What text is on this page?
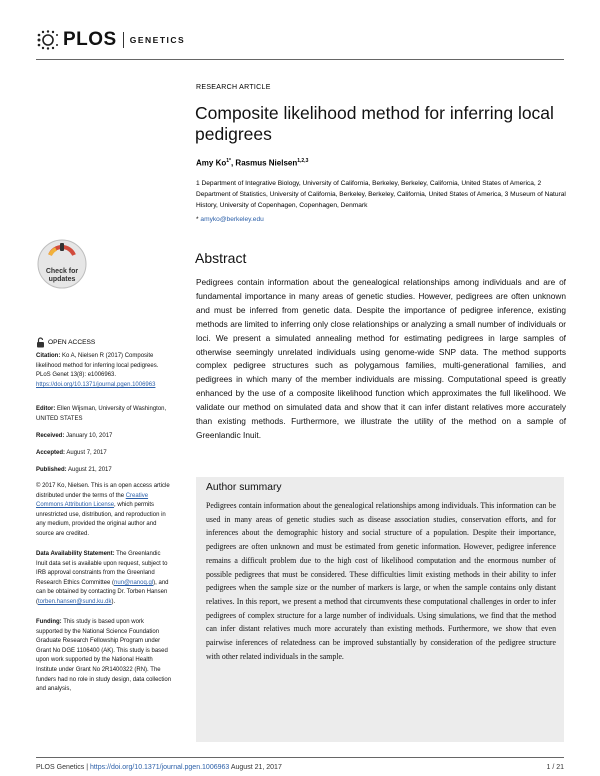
PLOS GENETICS
Check for
updates
OPEN ACCESS
Citation: Ko A, Nielsen R (2017) Composite likelihood method for inferring local pedigrees. PLoS Genet 13(8): e1006963. https://doi.org/10.1371/journal.pgen.1006963
Editor: Ellen Wijsman, University of Washington, UNITED STATES
Received: January 10, 2017
Accepted: August 7, 2017
Published: August 21, 2017
© 2017 Ko, Nielsen. This is an open access article distributed under the terms of the Creative Commons Attribution License, which permits unrestricted use, distribution, and reproduction in any medium, provided the original author and source are credited.
Data Availability Statement: The Greenlandic Inuit data set is available upon request, subject to IRB approval constraints from the Greenland Research Ethics Committee (nun@nanoq.gl), and can be obtained by contacting Dr. Torben Hansen (torben.hansen@sund.ku.dk).
Funding: This study is based upon work supported by the National Science Foundation Graduate Research Fellowship Program under Grant No DGE 1106400 (AK). This study is based upon work supported by the National Health Institute under Grant No 2R1400322 (RN). The funders had no role in study design, data collection and analysis,
RESEARCH ARTICLE
Composite likelihood method for inferring local pedigrees
Amy $Ko^{1*}$, Rasmus Nielsen$^{1,2,3}$
1 Department of Integrative Biology, University of California, Berkeley, Berkeley, California, United States of America, 2 Department of Statistics, University of California, Berkeley, Berkeley, California, United States of America, 3 Museum of Natural History, University of Copenhagen, Copenhagen, Denmark
* amyko@berkeley.edu
Abstract
Pedigrees contain information about the genealogical relationships among individuals and are of fundamental importance in many areas of genetic studies. However, pedigrees are often unknown and must be inferred from genetic data. Despite the importance of pedigree inference, existing methods are limited to inferring only close relationships or analyzing a small number of individuals or loci. We present a simulated annealing method for estimating pedigrees in large samples of otherwise seemingly unrelated individuals using genome-wide SNP data. The method supports complex pedigree structures such as polygamous families, multi-generational families, and pedigrees in which many of the member individuals are missing. Computational speed is greatly enhanced by the use of a composite likelihood function which approximates the full likelihood. We validate our method on simulated data and show that it can infer distant relatives more accurately than existing methods. Furthermore, we illustrate the utility of the method on a sample of Greenlandic Inuit.
Author summary
Pedigrees contain information about the genealogical relationships among individuals. This information can be used in many areas of genetic studies such as disease association studies, conservation efforts, and for inferences about the demographic history and social structure of a population. Despite their importance, pedigrees are often unknown and must be estimated from genetic information. However, pedigree inference remains a difficult problem due to the high cost of likelihood computation and the enormous number of possible pedigrees that must be considered. These difficulties limit existing methods in their ability to infer pedigrees when the sample size or the number of markers is large, or when the sample contains only distant relatives. In this report, we present a method that circumvents these computational challenges in order to infer pedigrees of complex structure for a large number of individuals. Using simulations, we find that the method can infer distant relatives much more accurately than existing methods. Furthermore, we show that even pairwise inferences of relatedness can be improved substantially by consideration of the pedigree structure with other related individuals in the sample.
PLOS Genetics | https://doi.org/10.1371/journal.pgen.1006963 August 21, 2017	1 / 21
